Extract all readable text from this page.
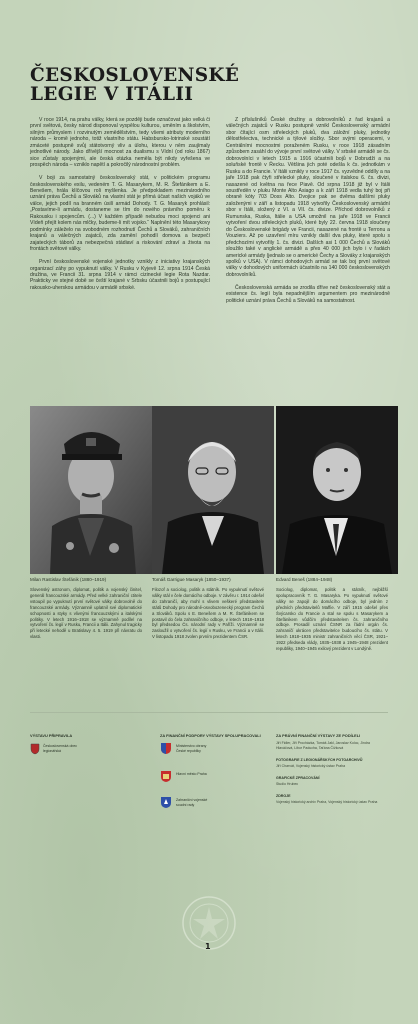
ČESKOSLOVENSKÉ
LEGIE V ITÁLII

V roce 1914, na prahu války, která se později bude označovat jako velká či první světová, česky národ disponoval vyspělou kulturou, uměním a školstvím, silným průmyslem i rozvinutým zemědělstvím, tedy všemi atributy moderního národa – kromě jednoho, totiž vlastního státu. Habsbursko-lotrinské soustátí zmáceté postupně svůj státotvorný vliv a úlohu, kterou v něm zaujímaly jednotlivé národy. Jako dřívější mocnost za dualismu s Vídní (od roku 1867) sice zůstaly spojenými, ale česká otázka neměla být nikdy vyřešena ve prospěch národa – vzniklo napětí a pokročilý národnostní problém.

V boji za samostatný československý stát, v politickém programu československého exilu, vedeném T. G. Masarykem, M. R. Štefánikem a E. Benešem, hrála klíčovou roli myšlenka. Je předpokladem mezinárodního uznání práva Čechů a Slováků na vlastní stát je přímá účast našich vojáků ve válce, jejich podíl na branném úsilí armád Dohody. T. G. Masaryk prohlásil: „Postavíme-li armádu, dostaneme se tím do nového právního poměru k Rakousku i spojencům. (...) V každém případě nebudou moci spojenci ani Vídeň přejít kolem nás mlčky, budeme-li mít vojsko.“ Naplnění této Masarykovy podmínky záleželo na svobodném rozhodnutí Čechů a Slováků, zahraničních krajanů a válečných zajatců, zda zamění pohodlí domova a bezpečí zajateckých táborů za nebezpečná stádiaví a riskování zdraví a života na frontách světové války.

První československé vojenské jednotky vznikly z iniciativy krajanských organizací záhy po vypuknutí války. V Rusku v Kyjevě 12. srpna 1914 Česká družina, ve Francii 31. srpna 1914 v rámci cizinecké legie Rota Nazdar. Prakticky ve stejné době se čeští krajané v Srbsku účastnili bojů s postupující rakousko-uherskou armádou v armádě srbské.

Z příslušníků České družiny a dobrovolníků z řad krajanů a válečných zajatců v Rusku postupně vznikl Československý armádní sbor čítající osm střeleckých pluků, dva záložní pluky, jednotky dělostřelectva, technické a týlové složky. Sbor svými operacemi, v Centrálními mocnostmi poraženém Rusku, v roce 1918 zásadním způsobem zasáhl do vývoje první světové války. V srbské armádě se čs. dobrovolníci v letech 1915 a 1916 účastnili bojů v Dobrudži a na soluňské frontě v Řecku. Většina jich poté odešla k čs. jednotkám v Rusku a do Francie. V Itálii vznikly v roce 1917 čs. vyzvědné oddíly a na jaře 1918 pak čtyři střelecké pluky, sloučené v italskou 6. čs. divizi, nasazené od května na řece Piavě. Od srpna 1918 již byl v Itálii soustředěn v pluku Monte Alto Asiago a k září 1918 vedla tuhý boj při obraně kóty 703 Doss Alto. Dvojice pak se dvěma dalšími pluky založenými v září a listopadu 1918 vytvořily Československý armádní sbor v Itálii, složený z VI. a VII. čs. divize. Příchod dobrovolníků z Rumunska, Ruska, Itálie a USA umožnil na jaře 1918 ve Francii vytvoření dvou střeleckých pluků, které byly 22. června 1918 sloučeny do Československé brigády ve Francii, nasazené na frontě u Terronu a Vouziers. Až po uzavření míru vznikly další dva pluky, které spolu s předchozími vytvořily 1. čs. divizi. Dalších asi 1 000 Čechů a Slováků sloužilo také v anglické armádě a přes 40 000 jich bylo i v řadách americké armády (jednalo se o americké Čechy a Slováky z krajanských spolků v USA). V rámci dohodových armád se tak boj první světové války v dohodových uniformách účastnilo na 140 000 československých dobrovolníků.

Československá armáda se zrodila dříve než československý stát a existence čs. legií byla nepadnějším argumentem pro mezinárodně politické uznání práva Čechů a Slováků na samostatnost.

Milan Rastislav Štefánik (1880–1919)	Tomáš Garrigue Masaryk (1850–1937)	Edvard Beneš (1884–1948)
Slovenský astronom, diplomat, politik a vojenský činitel, generál francouzské armády. Před velké zahraniční ctitele vstoupil po vypuknutí první světové války dobrovolně do francouzské armády. Významně uplatnil své diplomatické schopnosti a styky s vlivnými francouzskými a italskými politiky. V letech 1916–1918 se významně podílel na vytvoření čs. legií v Rusku, Francii a Itálii. Zahynul tragicky při letecké nehodě u Bratislavy 4. 5. 1919 při návratu do vlasti.
Filozof a sociolog, politik a státník. Po vypuknutí světové války stál v čele domácího odboje. V závěru r. 1914 odešel do zahraničí, aby mohl s vlivem veškeré představitele států Dohody pro národně-osvobozenecký program Čechů a Slováků. Spolu s E. Benešem a M. R. Štefánikem se postavil do čela zahraničního odboje, v letech 1918–1918 byl předsedou Čs. národní rady v Paříži. Významně se zasloužil o vytvoření čs. legií v Rusku, ve Francii a v Itálii. V listopadu 1918 zvolen prvním prezidentem ČSR.
Sociolog, diplomat, politik a státník, nejbližší spolupracovník T. G. Masaryka. Po vypuknutí světové války se zapojil do domácího odboje, byl jedním z předních představitelů Maffie. V září 1915 odešel přes Švýcarsko do Francie a stal se spolu s Masarykem a Štefánikem vůdčím představitelem čs. zahraničního odboje. Prosadil uznání ČSNR za řádní orgán čs. zahraničí ukrácen představitelce budoucího čs. státu. V letech 1918–1935 ministr zahraničních věcí ČSR, 1921–1922 předseda vlády, 1935–1938 a 1945–1948 prezident republiky, 1940–1945 exilový prezident v Londýně.
VÝSTAVU PŘIPRAVILA
Československá obec legionářská
ZA FINANČNÍ PODPORY VÝSTAVY SPOLUPRACOVALI
Ministerstvo obrany České republiky
Hlavní město Praha
Zahraniční vojenské soudní rady
ZA PRÁVNÍ FINANČNÍ VÝSTAVY ZE PODÍLELI
Jiří Fidler, Jiří Procházka, Tomáš Jakl, Jaroslav Koloc, Jindra Hlaváčová, Libor Paducha, Taťána Čížková
FOTOGRAFIE Z LEGIONÁŘSKÝCH FOTOARCHIVŮ
Jiří Charvát, Vojenský historický ústav Praha
GRAFICKÉ ZPRACOVÁNÍ
Studio Hrubec
ZDROJE
Vojenský historický archiv Praha, Vojenský historický ústav Praha
1
